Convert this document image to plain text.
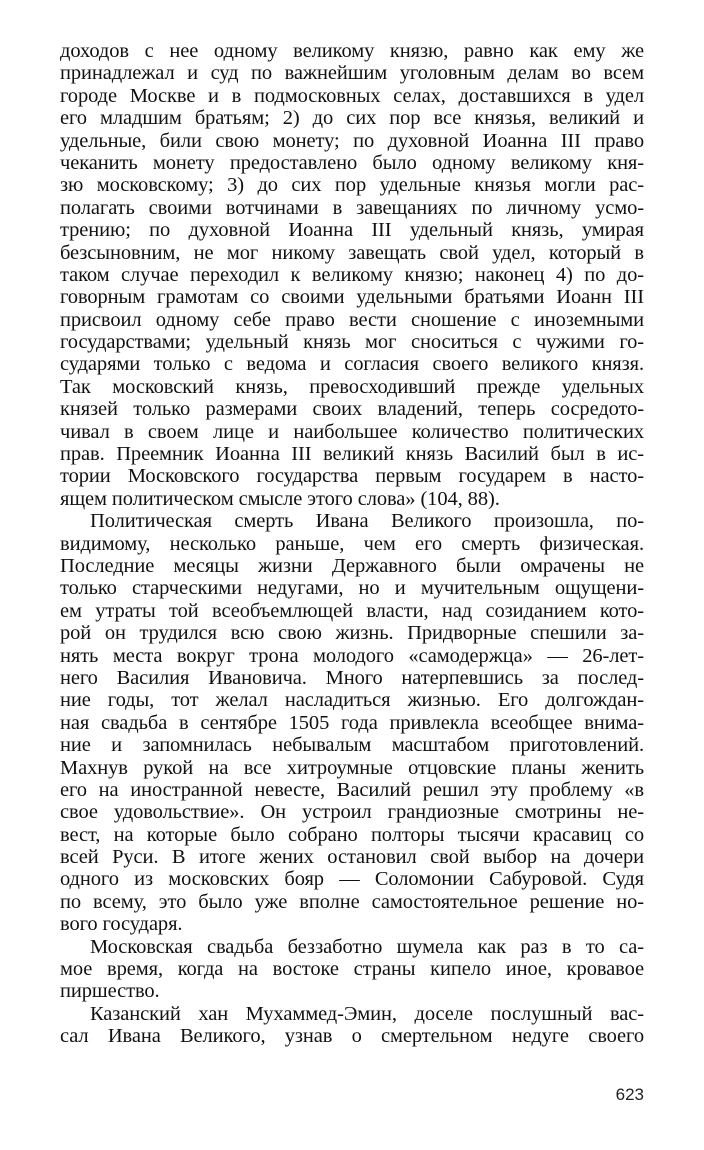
доходов с нее одному великому князю, равно как ему же
принадлежал и суд по важнейшим уголовным делам во всем
городе Москве и в подмосковных селах, доставшихся в удел
его младшим братьям; 2) до сих пор все князья, великий и
удельные, били свою монету; по духовной Иоанна III право
чеканить монету предоставлено было одному великому кня-
зю московскому; 3) до сих пор удельные князья могли рас-
полагать своими вотчинами в завещаниях по личному усмо-
трению; по духовной Иоанна III удельный князь, умирая
безсыновним, не мог никому завещать свой удел, который в
таком случае переходил к великому князю; наконец 4) по до-
говорным грамотам со своими удельными братьями Иоанн III
присвоил одному себе право вести сношение с иноземными
государствами; удельный князь мог сноситься с чужими го-
сударями только с ведома и согласия своего великого князя.
Так московский князь, превосходивший прежде удельных
князей только размерами своих владений, теперь сосредото-
чивал в своем лице и наибольшее количество политических
прав. Преемник Иоанна III великий князь Василий был в ис-
тории Московского государства первым государем в насто-
ящем политическом смысле этого слова» (104, 88).
Политическая смерть Ивана Великого произошла, по-
видимому, несколько раньше, чем его смерть физическая.
Последние месяцы жизни Державного были омрачены не
только старческими недугами, но и мучительным ощущени-
ем утраты той всеобъемлющей власти, над созиданием кото-
рой он трудился всю свою жизнь. Придворные спешили за-
нять места вокруг трона молодого «самодержца» — 26-лет-
него Василия Ивановича. Много натерпевшись за послед-
ние годы, тот желал насладиться жизнью. Его долгождан-
ная свадьба в сентябре 1505 года привлекла всеобщее внима-
ние и запомнилась небывалым масштабом приготовлений.
Махнув рукой на все хитроумные отцовские планы женить
его на иностранной невесте, Василий решил эту проблему «в
свое удовольствие». Он устроил грандиозные смотрины не-
вест, на которые было собрано полторы тысячи красавиц со
всей Руси. В итоге жених остановил свой выбор на дочери
одного из московских бояр — Соломонии Сабуровой. Судя
по всему, это было уже вполне самостоятельное решение но-
вого государя.
Московская свадьба беззаботно шумела как раз в то са-
мое время, когда на востоке страны кипело иное, кровавое
пиршество.
Казанский хан Мухаммед-Эмин, доселе послушный вас-
сал Ивана Великого, узнав о смертельном недуге своего
623
